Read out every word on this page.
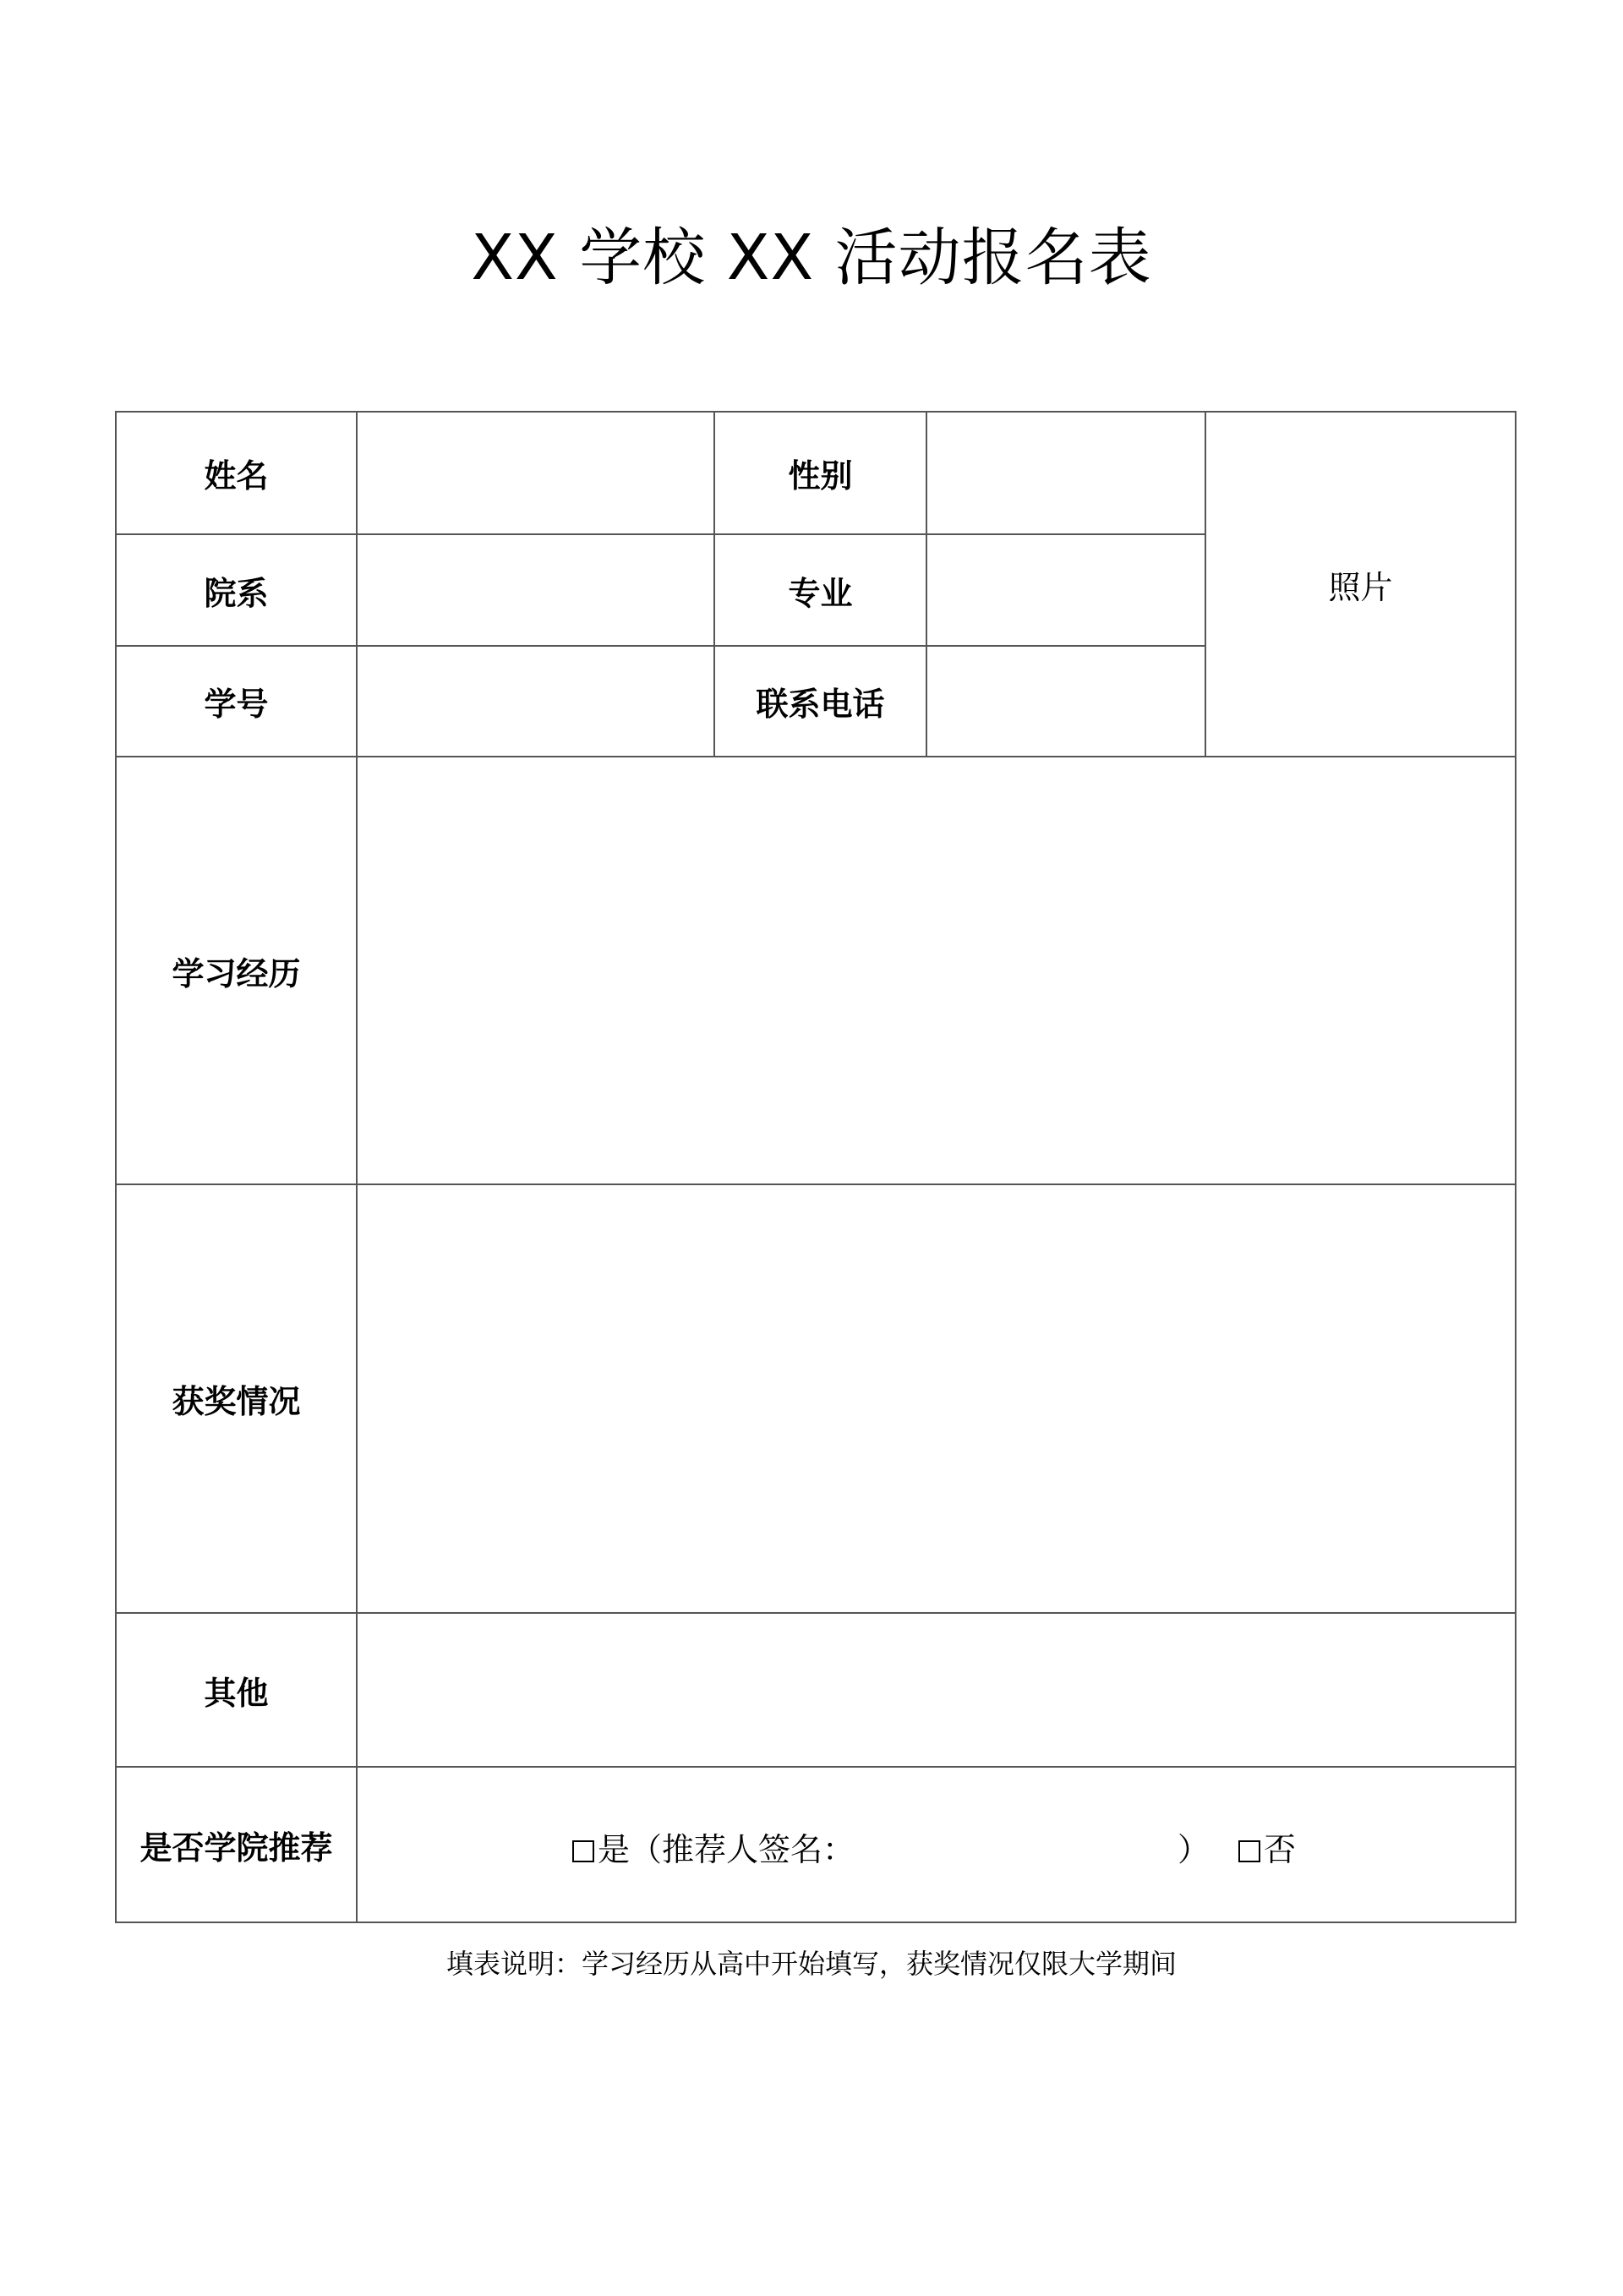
XX 学校 XX 活动报名表
姓名		性别		照片
院系		专业		
学号		联系电话		
学习经历				
获奖情况				
其他				
是否学院推荐	是（推荐人签名： ） 否			
填表说明：学习经历从高中开始填写，获奖情况仅限大学期间
